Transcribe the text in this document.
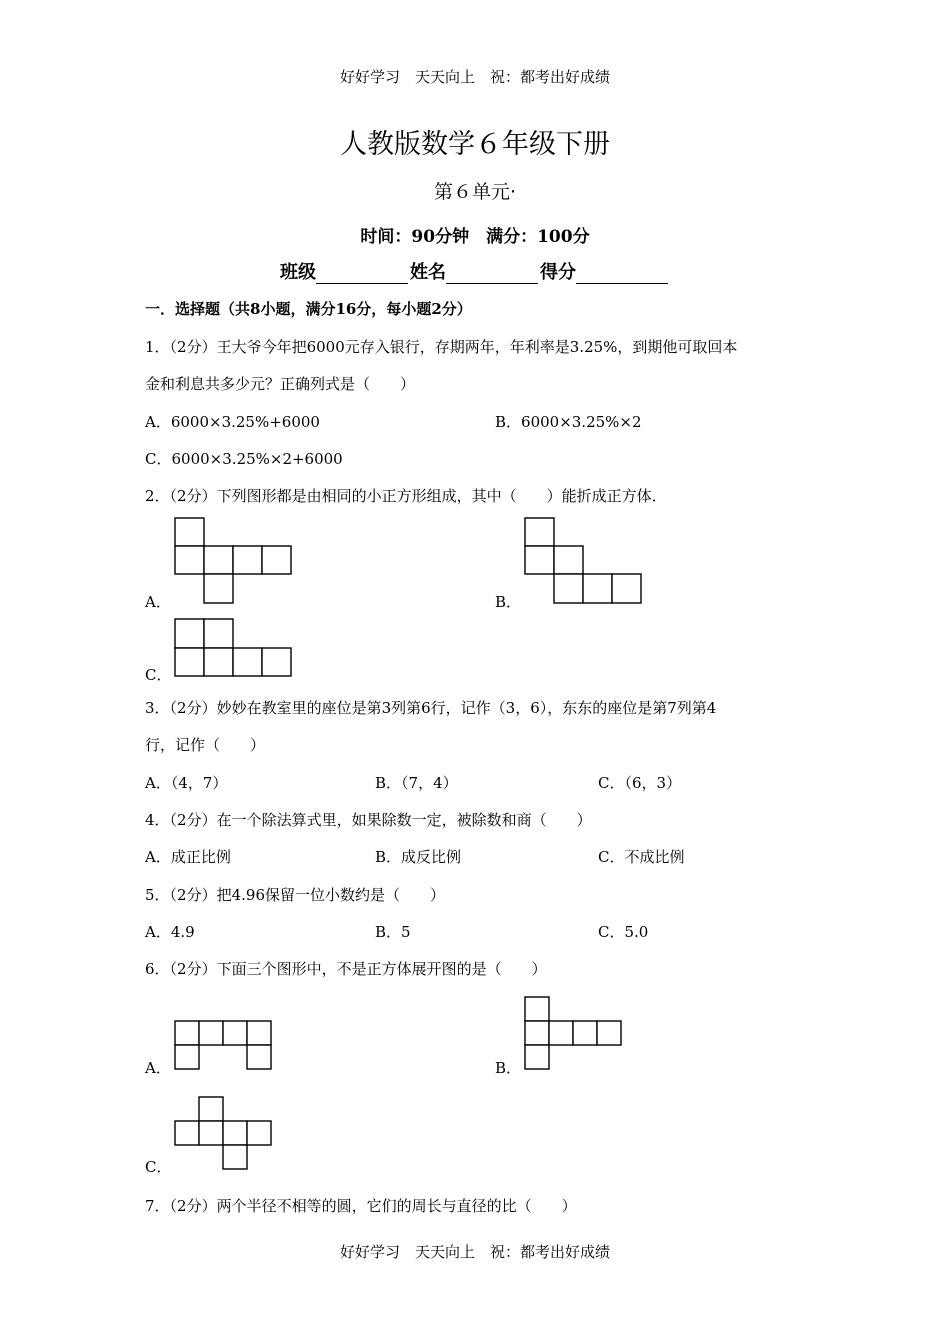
好好学习　天天向上　祝：都考出好成绩
人教版数学６年级下册
第６单元·
时间：90分钟　满分：100分
班级	姓名	得分
一．选择题（共8小题，满分16分，每小题2分）
1．（2分）王大爷今年把6000元存入银行，存期两年，年利率是3.25%，到期他可取回本
金和利息共多少元？正确列式是（　　）
A．6000×3.25%+6000	B．6000×3.25%×2
C．6000×3.25%×2+6000
2．（2分）下列图形都是由相同的小正方形组成，其中（　　）能折成正方体．
A．	B．
C．
3．（2分）妙妙在教室里的座位是第3列第6行，记作（3，6），东东的座位是第7列第4
行，记作（　　）
A．（4，7）	B．（7，4）	C．（6，3）
4．（2分）在一个除法算式里，如果除数一定，被除数和商（　　）
A．成正比例	B．成反比例	C．不成比例
5．（2分）把4.96保留一位小数约是（　　）
A．4.9	B．5	C．5.0
6．（2分）下面三个图形中，不是正方体展开图的是（　　）
A．	B．
C．
7．（2分）两个半径不相等的圆，它们的周长与直径的比（　　）
好好学习　天天向上　祝：都考出好成绩
